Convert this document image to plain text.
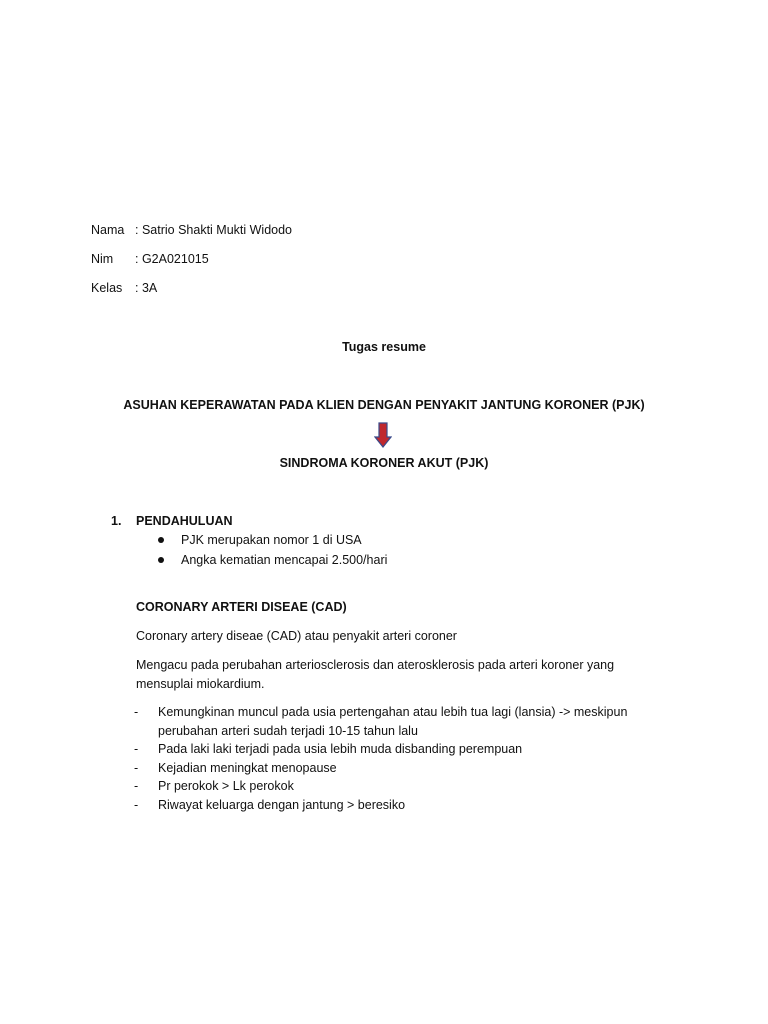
Nama : Satrio Shakti Mukti Widodo
Nim : G2A021015
Kelas : 3A
Tugas resume
ASUHAN KEPERAWATAN PADA KLIEN DENGAN PENYAKIT JANTUNG KORONER (PJK)
SINDROMA KORONER AKUT (PJK)
1. PENDAHULUAN
PJK merupakan nomor 1 di USA
Angka kematian mencapai 2.500/hari
CORONARY ARTERI DISEAE (CAD)
Coronary artery diseae (CAD) atau penyakit arteri coroner
Mengacu pada perubahan arteriosclerosis dan aterosklerosis pada arteri koroner yang mensuplai miokardium.
- Kemungkinan muncul pada usia pertengahan atau lebih tua lagi (lansia) -> meskipun perubahan arteri sudah terjadi 10-15 tahun lalu
- Pada laki laki terjadi pada usia lebih muda disbanding perempuan
- Kejadian meningkat menopause
- Pr perokok > Lk perokok
- Riwayat keluarga dengan jantung > beresiko
